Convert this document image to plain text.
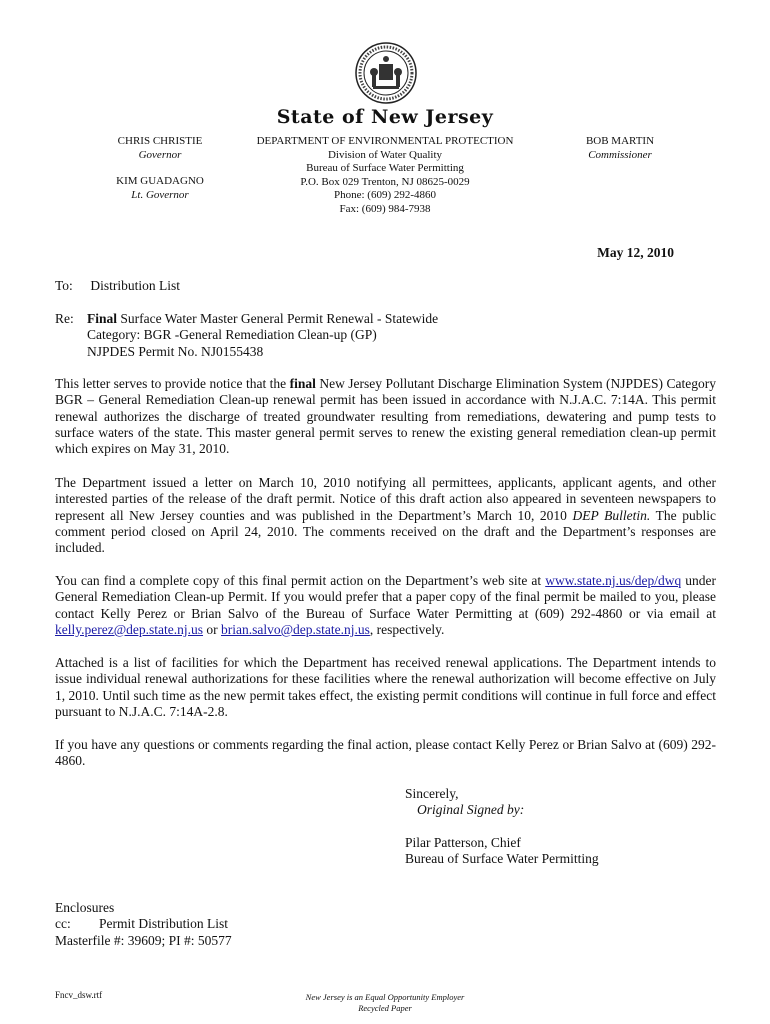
State of New Jersey
CHRIS CHRISTIE
Governor
KIM GUADAGNO
Lt. Governor
DEPARTMENT OF ENVIRONMENTAL PROTECTION
Division of Water Quality
Bureau of Surface Water Permitting
P.O. Box 029 Trenton, NJ 08625-0029
Phone: (609) 292-4860
Fax: (609) 984-7938
BOB MARTIN
Commissioner
May 12, 2010
To: Distribution List
Re: Final Surface Water Master General Permit Renewal - Statewide
Category: BGR -General Remediation Clean-up (GP)
NJPDES Permit No. NJ0155438
This letter serves to provide notice that the final New Jersey Pollutant Discharge Elimination System (NJPDES) Category BGR – General Remediation Clean-up renewal permit has been issued in accordance with N.J.A.C. 7:14A. This permit renewal authorizes the discharge of treated groundwater resulting from remediations, dewatering and pump tests to surface waters of the state. This master general permit serves to renew the existing general remediation clean-up permit which expires on May 31, 2010.
The Department issued a letter on March 10, 2010 notifying all permittees, applicants, applicant agents, and other interested parties of the release of the draft permit. Notice of this draft action also appeared in seventeen newspapers to represent all New Jersey counties and was published in the Department’s March 10, 2010 DEP Bulletin. The public comment period closed on April 24, 2010. The comments received on the draft and the Department’s responses are included.
You can find a complete copy of this final permit action on the Department’s web site at www.state.nj.us/dep/dwq under General Remediation Clean-up Permit. If you would prefer that a paper copy of the final permit be mailed to you, please contact Kelly Perez or Brian Salvo of the Bureau of Surface Water Permitting at (609) 292-4860 or via email at kelly.perez@dep.state.nj.us or brian.salvo@dep.state.nj.us, respectively.
Attached is a list of facilities for which the Department has received renewal applications. The Department intends to issue individual renewal authorizations for these facilities where the renewal authorization will become effective on July 1, 2010. Until such time as the new permit takes effect, the existing permit conditions will continue in full force and effect pursuant to N.J.A.C. 7:14A-2.8.
If you have any questions or comments regarding the final action, please contact Kelly Perez or Brian Salvo at (609) 292-4860.
Sincerely,
Original Signed by:
Pilar Patterson, Chief
Bureau of Surface Water Permitting
Enclosures
cc: Permit Distribution List
Masterfile #: 39609; PI #: 50577
Fncv_dsw.rtf	New Jersey is an Equal Opportunity Employer
Recycled Paper
